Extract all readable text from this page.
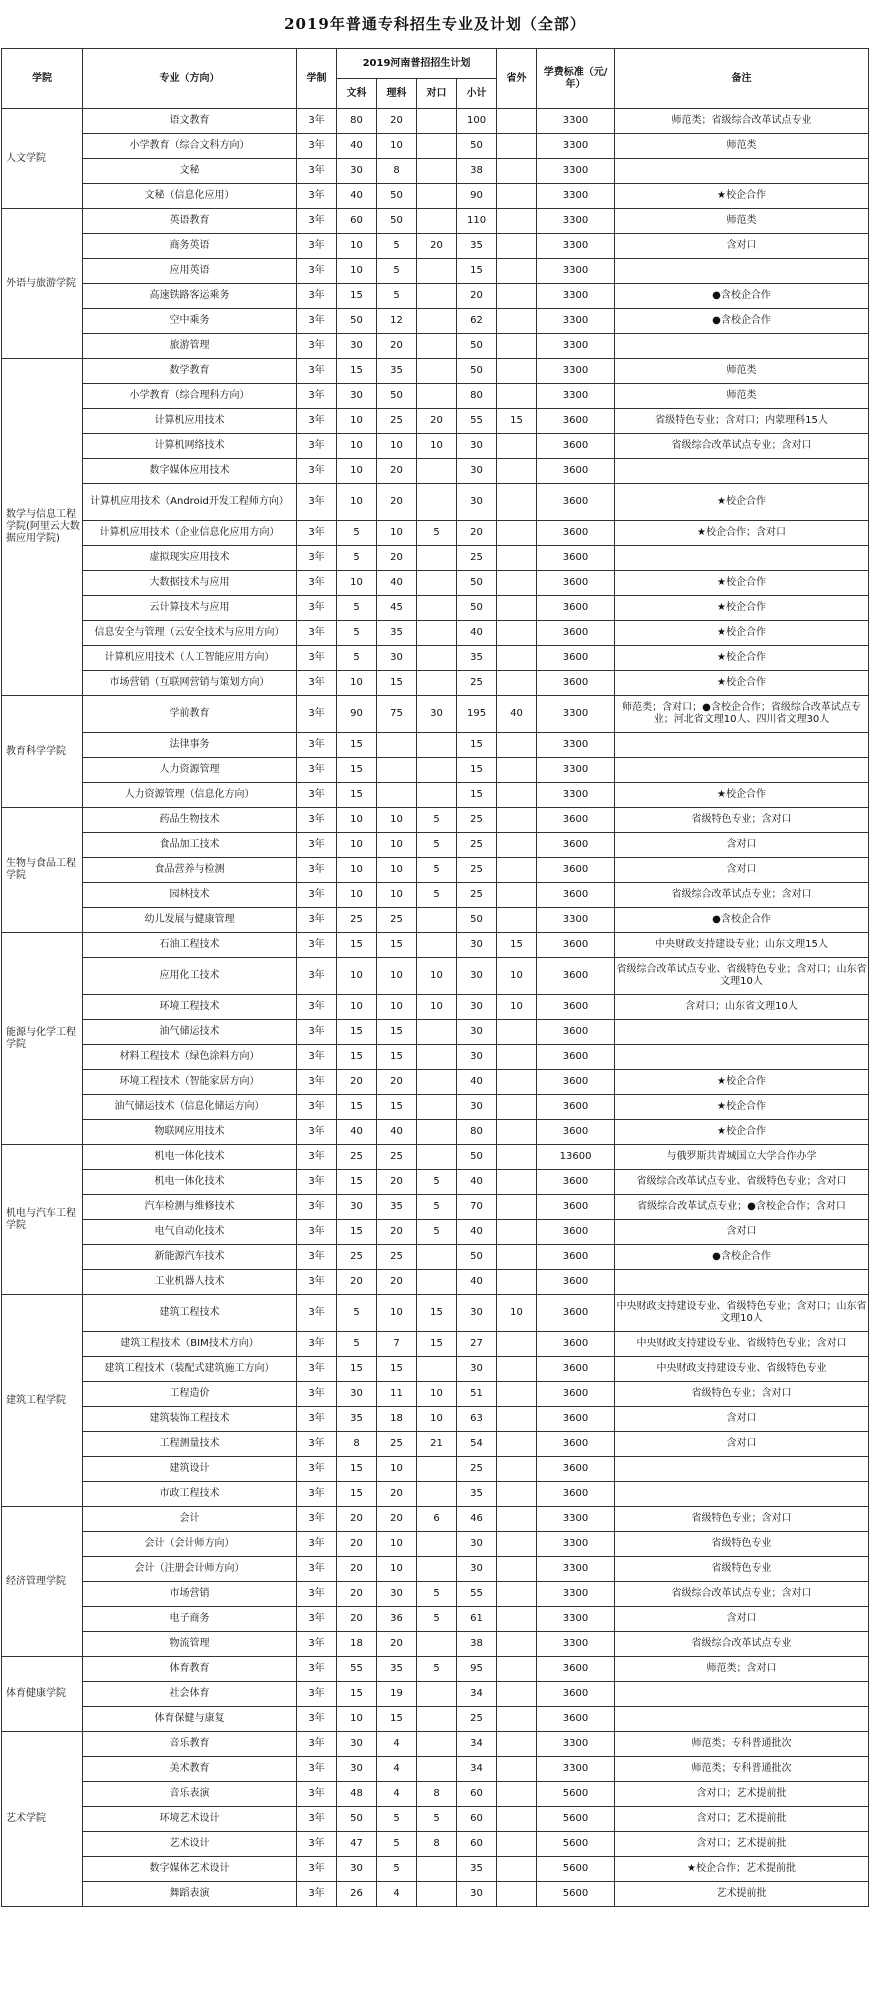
2019年普通专科招生专业及计划（全部）
学院	专业（方向）	学制	2019河南普招招生计划				省外	学费标准（元/年）	备注
			文科	理科	对口	小计			
人文学院	语文教育	3年	80	20		100		3300	师范类；省级综合改革试点专业
	小学教育（综合文科方向）	3年	40	10		50		3300	师范类
	文秘	3年	30	8		38		3300	
	文秘（信息化应用）	3年	40	50		90		3300	★校企合作
外语与旅游学院	英语教育	3年	60	50		110		3300	师范类
	商务英语	3年	10	5	20	35		3300	含对口
	应用英语	3年	10	5		15		3300	
	高速铁路客运乘务	3年	15	5		20		3300	●含校企合作
	空中乘务	3年	50	12		62		3300	●含校企合作
	旅游管理	3年	30	20		50		3300	
数学与信息工程学院(阿里云大数据应用学院)	数学教育	3年	15	35		50		3300	师范类
	小学教育（综合理科方向）	3年	30	50		80		3300	师范类
	计算机应用技术	3年	10	25	20	55	15	3600	省级特色专业；含对口；内蒙理科15人
	计算机网络技术	3年	10	10	10	30		3600	省级综合改革试点专业；含对口
	数字媒体应用技术	3年	10	20		30		3600	
	计算机应用技术（Android开发工程师方向）	3年	10	20		30		3600	★校企合作
	计算机应用技术（企业信息化应用方向）	3年	5	10	5	20		3600	★校企合作；含对口
	虚拟现实应用技术	3年	5	20		25		3600	
	大数据技术与应用	3年	10	40		50		3600	★校企合作
	云计算技术与应用	3年	5	45		50		3600	★校企合作
	信息安全与管理（云安全技术与应用方向）	3年	5	35		40		3600	★校企合作
	计算机应用技术（人工智能应用方向）	3年	5	30		35		3600	★校企合作
	市场营销（互联网营销与策划方向）	3年	10	15		25		3600	★校企合作
教育科学学院	学前教育	3年	90	75	30	195	40	3300	师范类；含对口；●含校企合作；省级综合改革试点专业；河北省文理10人、四川省文理30人
	法律事务	3年	15			15		3300	
	人力资源管理	3年	15			15		3300	
	人力资源管理（信息化方向）	3年	15			15		3300	★校企合作
生物与食品工程学院	药品生物技术	3年	10	10	5	25		3600	省级特色专业；含对口
	食品加工技术	3年	10	10	5	25		3600	含对口
	食品营养与检测	3年	10	10	5	25		3600	含对口
	园林技术	3年	10	10	5	25		3600	省级综合改革试点专业；含对口
	幼儿发展与健康管理	3年	25	25		50		3300	●含校企合作
能源与化学工程学院	石油工程技术	3年	15	15		30	15	3600	中央财政支持建设专业；山东文理15人
	应用化工技术	3年	10	10	10	30	10	3600	省级综合改革试点专业、省级特色专业；含对口；山东省文理10人
	环境工程技术	3年	10	10	10	30	10	3600	含对口；山东省文理10人
	油气储运技术	3年	15	15		30		3600	
	材料工程技术（绿色涂料方向）	3年	15	15		30		3600	
	环境工程技术（智能家居方向）	3年	20	20		40		3600	★校企合作
	油气储运技术（信息化储运方向）	3年	15	15		30		3600	★校企合作
	物联网应用技术	3年	40	40		80		3600	★校企合作
机电与汽车工程学院	机电一体化技术	3年	25	25		50		13600	与俄罗斯共青城国立大学合作办学
	机电一体化技术	3年	15	20	5	40		3600	省级综合改革试点专业、省级特色专业；含对口
	汽车检测与维修技术	3年	30	35	5	70		3600	省级综合改革试点专业；●含校企合作；含对口
	电气自动化技术	3年	15	20	5	40		3600	含对口
	新能源汽车技术	3年	25	25		50		3600	●含校企合作
	工业机器人技术	3年	20	20		40		3600	
建筑工程学院	建筑工程技术	3年	5	10	15	30	10	3600	中央财政支持建设专业、省级特色专业；含对口；山东省文理10人
	建筑工程技术（BIM技术方向）	3年	5	7	15	27		3600	中央财政支持建设专业、省级特色专业；含对口
	建筑工程技术（装配式建筑施工方向）	3年	15	15		30		3600	中央财政支持建设专业、省级特色专业
	工程造价	3年	30	11	10	51		3600	省级特色专业；含对口
	建筑装饰工程技术	3年	35	18	10	63		3600	含对口
	工程测量技术	3年	8	25	21	54		3600	含对口
	建筑设计	3年	15	10		25		3600	
	市政工程技术	3年	15	20		35		3600	
经济管理学院	会计	3年	20	20	6	46		3300	省级特色专业；含对口
	会计（会计师方向）	3年	20	10		30		3300	省级特色专业
	会计（注册会计师方向）	3年	20	10		30		3300	省级特色专业
	市场营销	3年	20	30	5	55		3300	省级综合改革试点专业；含对口
	电子商务	3年	20	36	5	61		3300	含对口
	物流管理	3年	18	20		38		3300	省级综合改革试点专业
体育健康学院	体育教育	3年	55	35	5	95		3600	师范类；含对口
	社会体育	3年	15	19		34		3600	
	体育保健与康复	3年	10	15		25		3600	
艺术学院	音乐教育	3年	30	4		34		3300	师范类；专科普通批次
	美术教育	3年	30	4		34		3300	师范类；专科普通批次
	音乐表演	3年	48	4	8	60		5600	含对口；艺术提前批
	环境艺术设计	3年	50	5	5	60		5600	含对口；艺术提前批
	艺术设计	3年	47	5	8	60		5600	含对口；艺术提前批
	数字媒体艺术设计	3年	30	5		35		5600	★校企合作；艺术提前批
	舞蹈表演	3年	26	4		30		5600	艺术提前批
